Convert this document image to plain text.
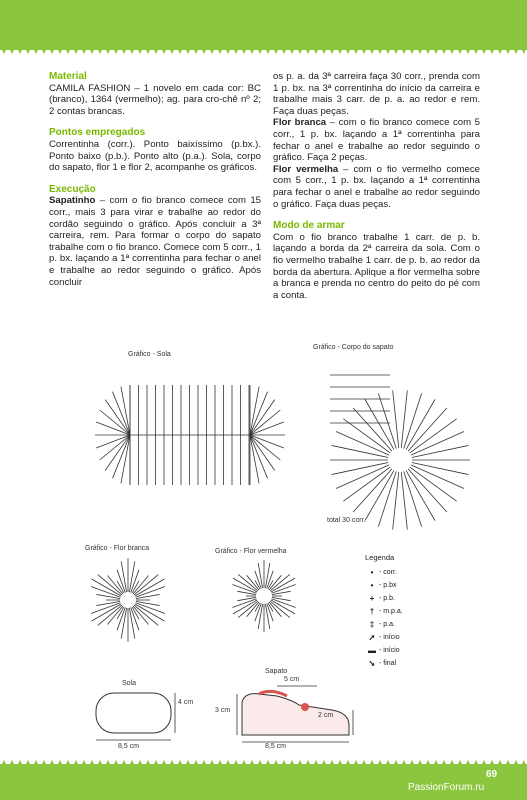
Material
CAMILA FASHION – 1 novelo em cada cor: BC (branco), 1364 (vermelho); ag. para cro-chê nº 2; 2 contas brancas.
Pontos empregados
Correntinha (corr.). Ponto baixíssimo (p.bx.). Ponto baixo (p.b.). Ponto alto (p.a.). Sola, corpo do sapato, flor 1 e flor 2, acompanhe os gráficos.
Execução
Sapatinho – com o fio branco comece com 15 corr., mais 3 para virar e trabalhe ao redor do cordão seguindo o gráfico. Após concluir a 3ª carreira, rem. Para formar o corpo do sapato trabalhe com o fio branco. Comece com 5 corr., 1 p. bx. laçando a 1ª correntinha para fechar o anel e trabalhe ao redor seguindo o gráfico. Após concluir
os p. a. da 3ª carreira faça 30 corr., prenda com 1 p. bx. na 3ª correntinha do início da carreira e trabalhe mais 3 carr. de p. a. ao redor e rem. Faça duas peças.
Flor branca – com o fio branco comece com 5 corr., 1 p. bx. laçando a 1ª correntinha para fechar o anel e trabalhe ao redor seguindo o gráfico. Faça 2 peças.
Flor vermelha – com o fio vermelho comece com 5 corr., 1 p. bx. laçando a 1ª correntinha para fechar o anel e trabalhe ao redor seguindo o gráfico. Faça duas peças.
Modo de armar
Com o fio branco trabalhe 1 carr. de p. b. laçando a borda da 2ª carreira da sola. Com o fio vermelho trabalhe 1 carr. de p. b. ao redor da borda da abertura. Aplique a flor vermelha sobre a branca e prenda no centro do peito do pé com a conta.
Gráfico - Sola
Gráfico - Corpo do sapato
total 30 corr.
Gráfico - Flor branca	Gráfico - Flor vermelha
Legenda
• - corr.
• - p.bx
+ - p.b.
† - m.p.a.
‡ - p.a.
➚ - início
▬ - início
➘ - final
Sola
4 cm
8,5 cm
Sapato
5 cm
3 cm
2 cm
8,5 cm
69
PassionForum.ru
